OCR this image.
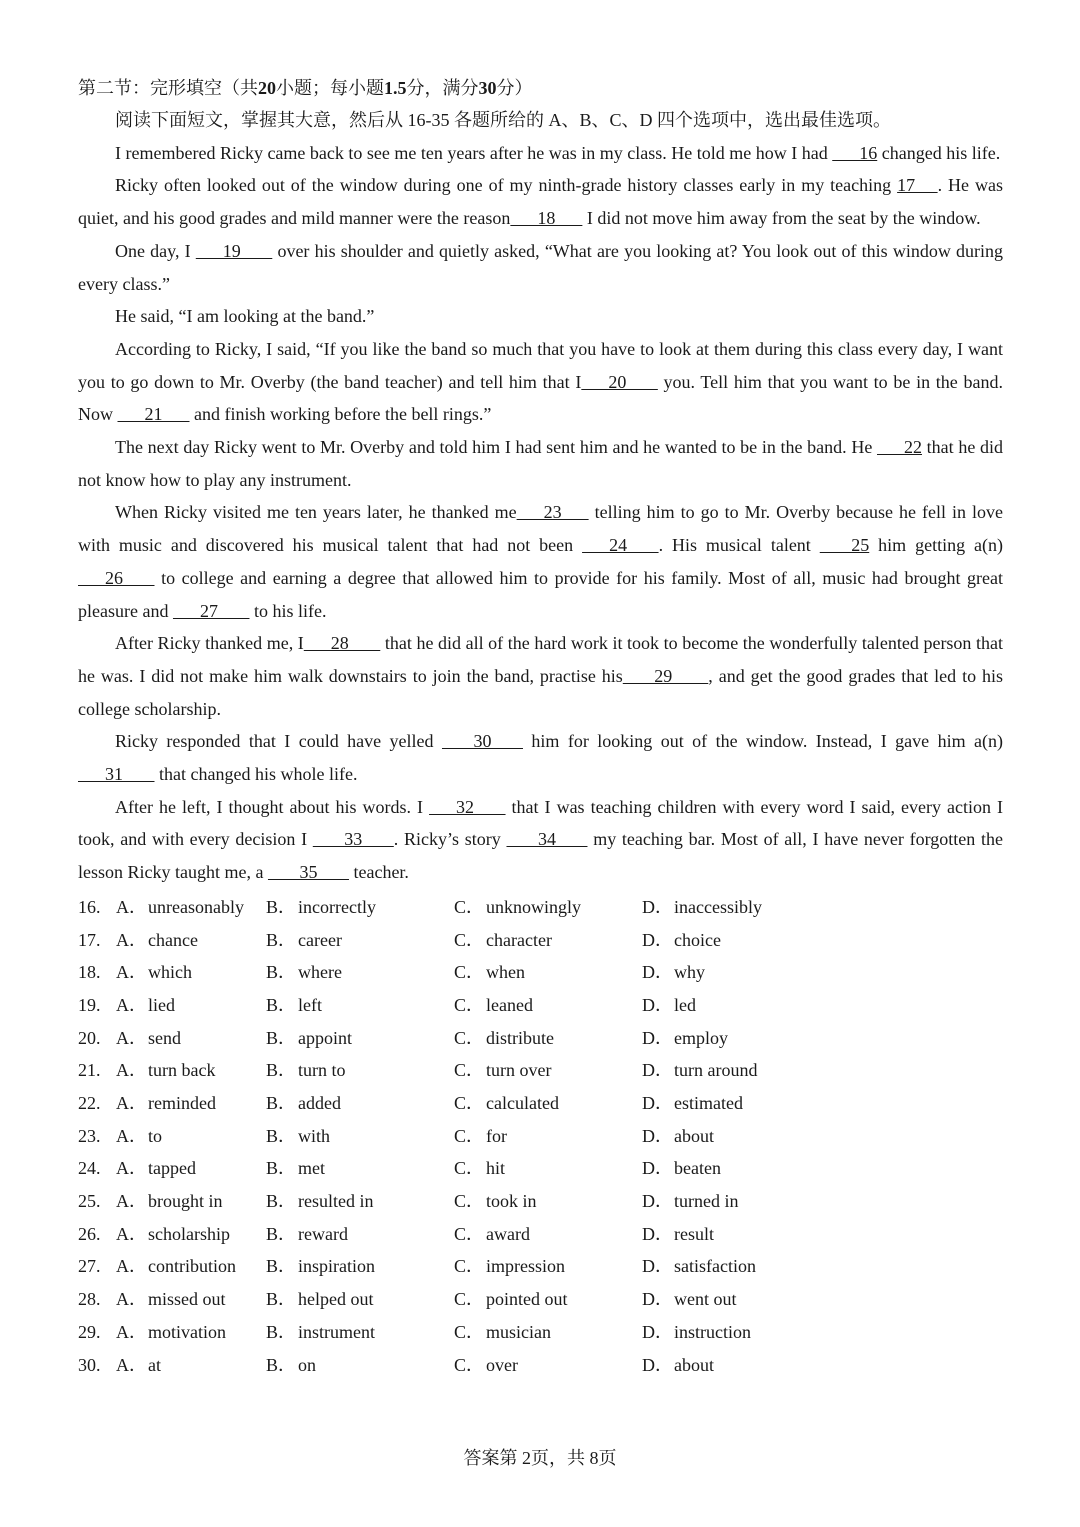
第二节：完形填空（共20小题；每小题1.5分，满分30分）

阅读下面短文，掌握其大意，然后从 16-35 各题所给的 A、B、C、D 四个选项中，选出最佳选项。

I remembered Ricky came back to see me ten years after he was in my class. He told me how I had       16 changed his life.

Ricky often looked out of the window during one of my ninth-grade history classes early in my teaching 17     . He was quiet, and his good grades and mild manner were the reason      18       I did not move him away from the seat by the window.

One day, I       19        over his shoulder and quietly asked, “What are you looking at? You look out of this window during every class.”

He said, “I am looking at the band.”

According to Ricky, I said, “If you like the band so much that you have to look at them during this class every day, I want you to go down to Mr. Overby (the band teacher) and tell him that I      20        you. Tell him that you want to be in the band. Now       21       and finish working before the bell rings.”

The next day Ricky went to Mr. Overby and told him I had sent him and he wanted to be in the band. He       22 that he did not know how to play any instrument.

When Ricky visited me ten years later, he thanked me      23       telling him to go to Mr. Overby because he fell in love with music and discovered his musical talent that had not been       24       . His musical talent        25 him getting a(n)       26        to college and earning a degree that allowed him to provide for his family. Most of all, music had brought great pleasure and       27        to his life.

After Ricky thanked me, I      28        that he did all of the hard work it took to become the wonderfully talented person that he was. I did not make him walk downstairs to join the band, practise his       29        , and get the good grades that led to his college scholarship.

Ricky responded that I could have yelled        30        him for looking out of the window. Instead, I gave him a(n)       31        that changed his whole life.

After he left, I thought about his words. I       32        that I was teaching children with every word I said, every action I took, and with every decision I        33       . Ricky’s story        34        my teaching bar. Most of all, I have never forgotten the lesson Ricky taught me, a        35        teacher.

16. A． unreasonably B． incorrectly	C． unknowingly	D． inaccessibly
17. A． chance	B． career	C． character	D． choice
18. A． which	B． where	C． when	D． why
19. A． lied	B． left	C． leaned	D． led
20. A． send	B． appoint	C． distribute	D． employ
21. A． turn back	B． turn to	C． turn over	D． turn around
22. A． reminded	B． added	C． calculated	D． estimated
23. A． to	B． with	C． for	D． about
24. A． tapped	B． met	C． hit	D． beaten
25. A． brought in B． resulted in	C． took in	D． turned in
26. A． scholarship B． reward	C． award	D． result
27. A． contribution B． inspiration	C． impression	D． satisfaction
28. A． missed out B． helped out	C． pointed out	D． went out
29. A． motivation B． instrument	C． musician	D． instruction
30. A． at	B． on	C． over	D． about
答案第 2页，共 8页
